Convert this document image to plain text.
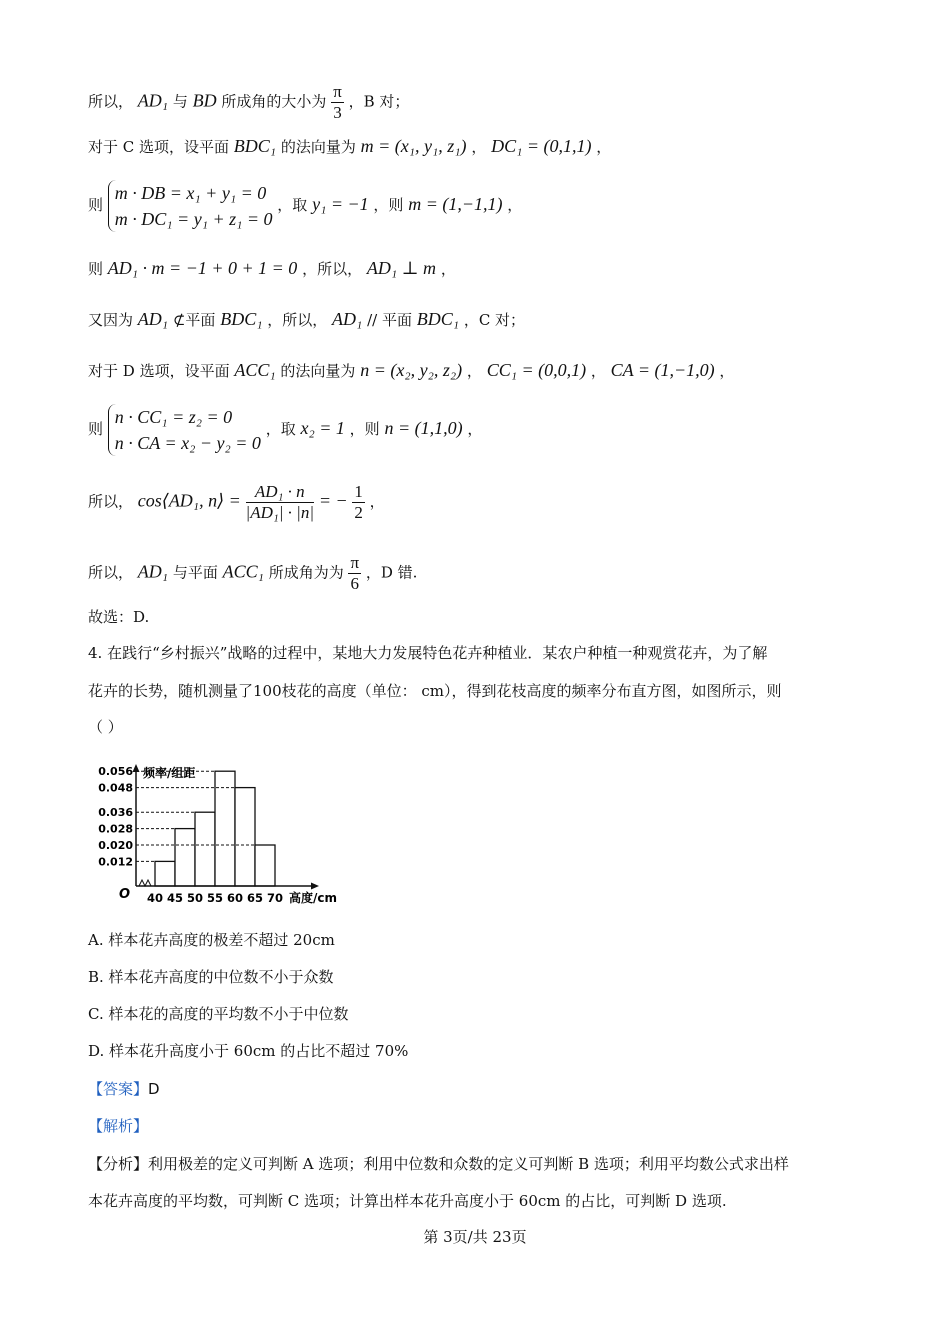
所以， AD₁ 与 BD 所成角的大小为 $\frac{\pi}{3}$ ，B 对；
对于 C 选项，设平面 BDC₁ 的法向量为 m = (x₁, y₁, z₁) ， DC₁ = (0,1,1) ，
则
m · DB = x₁ + y₁ = 0
m · DC₁ = y₁ + z₁ = 0
，取 y₁ = −1 ，则 m = (1,−1,1) ，
则 AD₁ · m = −1 + 0 + 1 = 0 ，所以， AD₁ ⊥ m ，
又因为 AD₁ ⊄平面 BDC₁ ，所以， AD₁ // 平面 BDC₁ ，C 对；
对于 D 选项，设平面 ACC₁ 的法向量为 n = (x₂, y₂, z₂) ， CC₁ = (0,0,1) ， CA = (1,−1,0) ，
则
n · CC₁ = z₂ = 0
n · CA = x₂ − y₂ = 0
，取 x₂ = 1 ，则 n = (1,1,0) ，
所以， cos⟨AD₁, n⟩ = $\frac{\text{AD₁ · n}}{\text{|AD₁| · |n|}}$ = − $\frac{1}{2}$ ，
所以， AD₁ 与平面 ACC₁ 所成角为为 $\frac{\pi}{6}$ ，D 错.
故选：D.
4. 在践行“乡村振兴”战略的过程中，某地大力发展特色花卉种植业．某农户种植一种观赏花卉，为了解
花卉的长势，随机测量了100枝花的高度（单位： cm），得到花枝高度的频率分布直方图，如图所示，则
（ ）
0.056
0.048
0.036
0.028
0.020
0.012
40 45 50 55 60 65 70
频率/组距
高度/cm
O
A. 样本花卉高度的极差不超过 20cm
B. 样本花卉高度的中位数不小于众数
C. 样本花的高度的平均数不小于中位数
D. 样本花升高度小于 60cm 的占比不超过 70%
【答案】D
【解析】
【分析】利用极差的定义可判断 A 选项；利用中位数和众数的定义可判断 B 选项；利用平均数公式求出样
本花卉高度的平均数，可判断 C 选项；计算出样本花升高度小于 60cm 的占比，可判断 D 选项.
第 3页/共 23页
